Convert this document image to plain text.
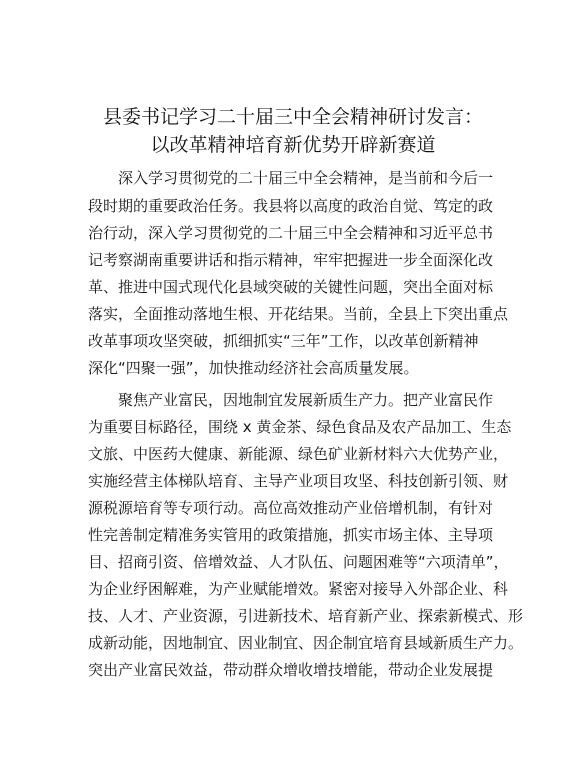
县委书记学习二十届三中全会精神研讨发言：
以改革精神培育新优势开辟新赛道
深入学习贯彻党的二十届三中全会精神，是当前和今后一
段时期的重要政治任务。我县将以高度的政治自觉、笃定的政
治行动，深入学习贯彻党的二十届三中全会精神和习近平总书
记考察湖南重要讲话和指示精神，牢牢把握进一步全面深化改
革、推进中国式现代化县域突破的关键性问题，突出全面对标
落实，全面推动落地生根、开花结果。当前，全县上下突出重点
改革事项攻坚突破，抓细抓实“三年”工作，以改革创新精神
深化“四聚一强”，加快推动经济社会高质量发展。
聚焦产业富民，因地制宜发展新质生产力。把产业富民作
为重要目标路径，围绕 x 黄金茶、绿色食品及农产品加工、生态
文旅、中医药大健康、新能源、绿色矿业新材料六大优势产业，
实施经营主体梯队培育、主导产业项目攻坚、科技创新引领、财
源税源培育等专项行动。高位高效推动产业倍增机制，有针对
性完善制定精准务实管用的政策措施，抓实市场主体、主导项
目、招商引资、倍增效益、人才队伍、问题困难等“六项清单”，
为企业纾困解难，为产业赋能增效。紧密对接导入外部企业、科
技、人才、产业资源，引进新技术、培育新产业、探索新模式、形
成新动能，因地制宜、因业制宜、因企制宜培育县域新质生产力。
突出产业富民效益，带动群众增收增技增能，带动企业发展提
